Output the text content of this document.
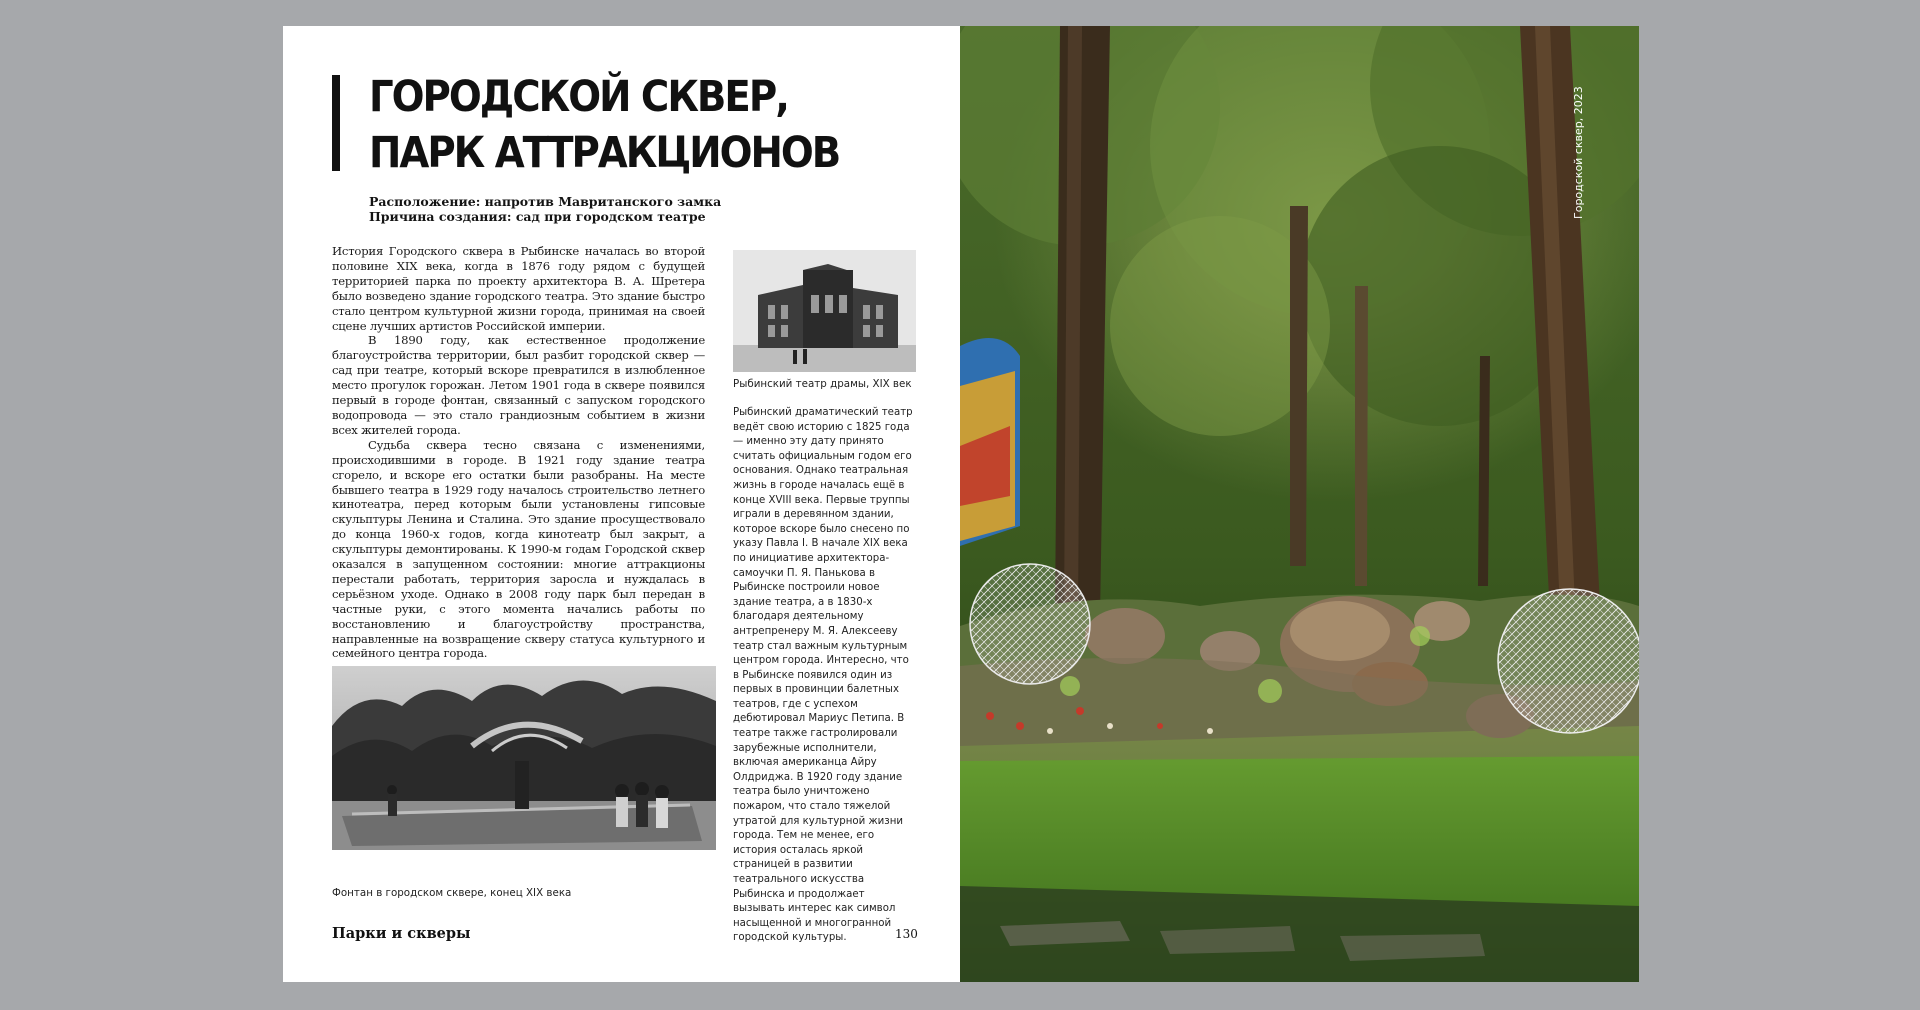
ГОРОДСКОЙ СКВЕР,
ПАРК АТТРАКЦИОНОВ
Расположение: напротив Мавританского замка
Причина создания: сад при городском театре

История Городского сквера в Рыбинске началась во второй половине XIX века, когда в 1876 году рядом с будущей территорией парка по проекту архитектора В. А. Шретера было возведено здание городского театра. Это здание быстро стало центром культурной жизни города, принимая на своей сцене лучших артистов Российской империи.

В 1890 году, как естественное продолжение благоустройства территории, был разбит городской сквер — сад при театре, который вскоре превратился в излюбленное место прогулок горожан. Летом 1901 года в сквере появился первый в городе фонтан, связанный с запуском городского водопровода — это стало грандиозным событием в жизни всех жителей города.

Судьба сквера тесно связана с изменениями, происходившими в городе. В 1921 году здание театра сгорело, и вскоре его остатки были разобраны. На месте бывшего театра в 1929 году началось строительство летнего кинотеатра, перед которым были установлены гипсовые скульптуры Ленина и Сталина. Это здание просуществовало до конца 1960-х годов, когда кинотеатр был закрыт, а скульптуры демонтированы. К 1990-м годам Городской сквер оказался в запущенном состоянии: многие аттракционы перестали работать, территория заросла и нуждалась в серьёзном уходе. Однако в 2008 году парк был передан в частные руки, с этого момента начались работы по восстановлению и благоустройству пространства, направленные на возвращение скверу статуса культурного и семейного центра города.

Фонтан в городском сквере, конец XIX века
Рыбинский театр драмы, XIX век

Рыбинский драматический театр ведёт свою историю с 1825 года — именно эту дату принято считать официальным годом его основания. Однако театральная жизнь в городе началась ещё в конце XVIII века. Первые труппы играли в деревянном здании, которое вскоре было снесено по указу Павла I. В начале XIX века по инициативе архитектора-самоучки П. Я. Панькова в Рыбинске построили новое здание театра, а в 1830-х благодаря деятельному антрепренеру М. Я. Алексееву театр стал важным культурным центром города. Интересно, что в Рыбинске появился один из первых в провинции балетных театров, где с успехом дебютировал Мариус Петипа. В театре также гастролировали зарубежные исполнители, включая американца Айру Олдриджа. В 1920 году здание театра было уничтожено пожаром, что стало тяжелой утратой для культурной жизни города. Тем не менее, его история осталась яркой страницей в развитии театрального искусства Рыбинска и продолжает вызывать интерес как символ насыщенной и многогранной городской культуры.

Парки и скверы	130
Городской сквер, 2023
